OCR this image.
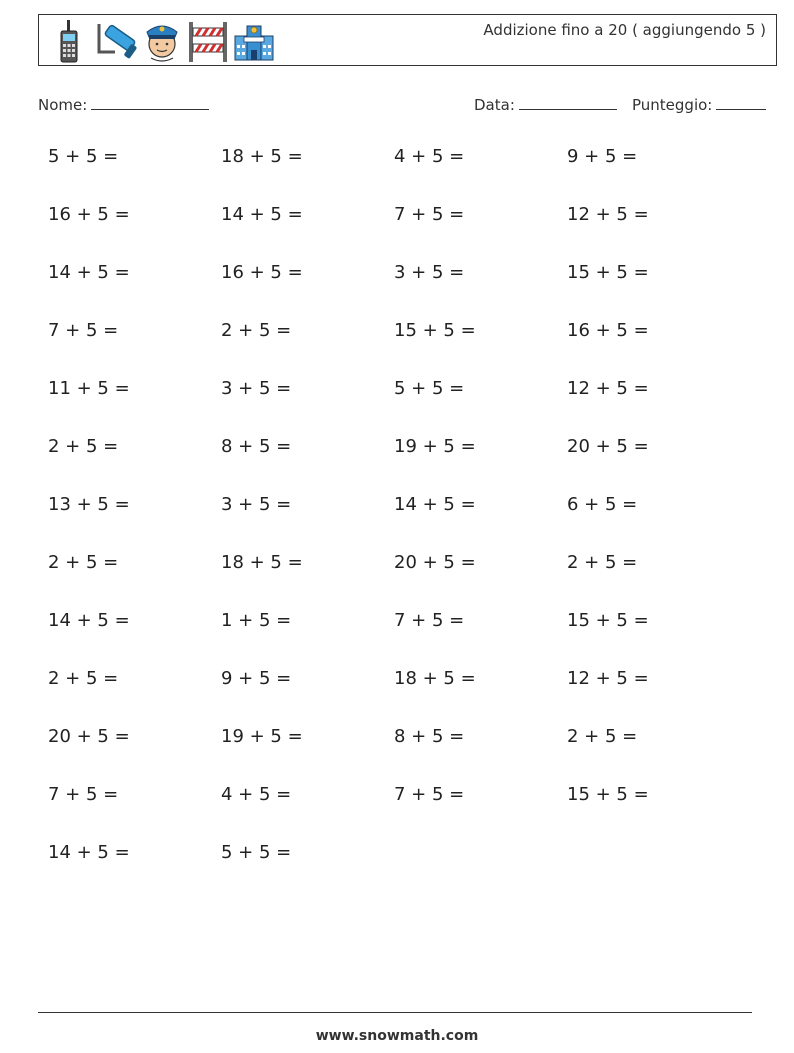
Addizione fino a 20 ( aggiungendo 5 )
Nome:	Data:	Punteggio:
5 + 5 =	18 + 5 =	4 + 5 =	9 + 5 =
16 + 5 =	14 + 5 =	7 + 5 =	12 + 5 =
14 + 5 =	16 + 5 =	3 + 5 =	15 + 5 =
7 + 5 =	2 + 5 =	15 + 5 =	16 + 5 =
11 + 5 =	3 + 5 =	5 + 5 =	12 + 5 =
2 + 5 =	8 + 5 =	19 + 5 =	20 + 5 =
13 + 5 =	3 + 5 =	14 + 5 =	6 + 5 =
2 + 5 =	18 + 5 =	20 + 5 =	2 + 5 =
14 + 5 =	1 + 5 =	7 + 5 =	15 + 5 =
2 + 5 =	9 + 5 =	18 + 5 =	12 + 5 =
20 + 5 =	19 + 5 =	8 + 5 =	2 + 5 =
7 + 5 =	4 + 5 =	7 + 5 =	15 + 5 =
14 + 5 =	5 + 5 =
www.snowmath.com
